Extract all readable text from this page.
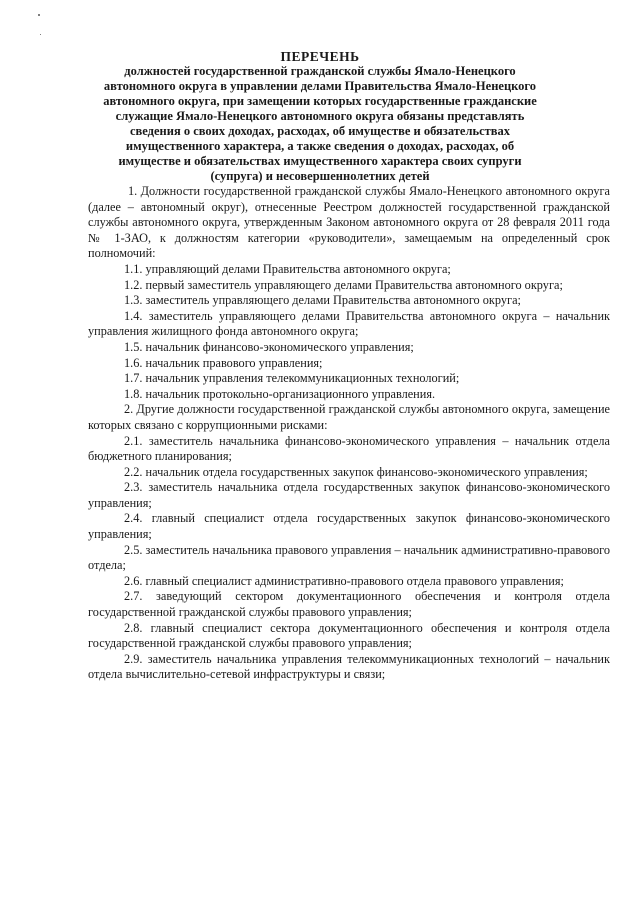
ПЕРЕЧЕНЬ
должностей государственной гражданской службы Ямало-Ненецкого автономного округа в управлении делами Правительства Ямало-Ненецкого автономного округа, при замещении которых государственные гражданские служащие Ямало-Ненецкого автономного округа обязаны представлять сведения о своих доходах, расходах, об имуществе и обязательствах имущественного характера, а также сведения о доходах, расходах, об имуществе и обязательствах имущественного характера своих супруги (супруга) и несовершеннолетних детей

1. Должности государственной гражданской службы Ямало-Ненецкого автономного округа (далее – автономный округ), отнесенные Реестром должностей государственной гражданской службы автономного округа, утвержденным Законом автономного округа от 28 февраля 2011 года № 1-ЗАО, к должностям категории «руководители», замещаемым на определенный срок полномочий:

1.1. управляющий делами Правительства автономного округа;

1.2. первый заместитель управляющего делами Правительства автономного округа;

1.3. заместитель управляющего делами Правительства автономного округа;

1.4. заместитель управляющего делами Правительства автономного округа – начальник управления жилищного фонда автономного округа;

1.5. начальник финансово-экономического управления;

1.6. начальник правового управления;

1.7. начальник управления телекоммуникационных технологий;

1.8. начальник протокольно-организационного управления.

2. Другие должности государственной гражданской службы автономного округа, замещение которых связано с коррупционными рисками:

2.1. заместитель начальника финансово-экономического управления – начальник отдела бюджетного планирования;

2.2. начальник отдела государственных закупок финансово-экономического управления;

2.3. заместитель начальника отдела государственных закупок финансово-экономического управления;

2.4. главный специалист отдела государственных закупок финансово-экономического управления;

2.5. заместитель начальника правового управления – начальник административно-правового отдела;

2.6. главный специалист административно-правового отдела правового управления;

2.7. заведующий сектором документационного обеспечения и контроля отдела государственной гражданской службы правового управления;

2.8. главный специалист сектора документационного обеспечения и контроля отдела государственной гражданской службы правового управления;

2.9. заместитель начальника управления телекоммуникационных технологий – начальник отдела вычислительно-сетевой инфраструктуры и связи;
